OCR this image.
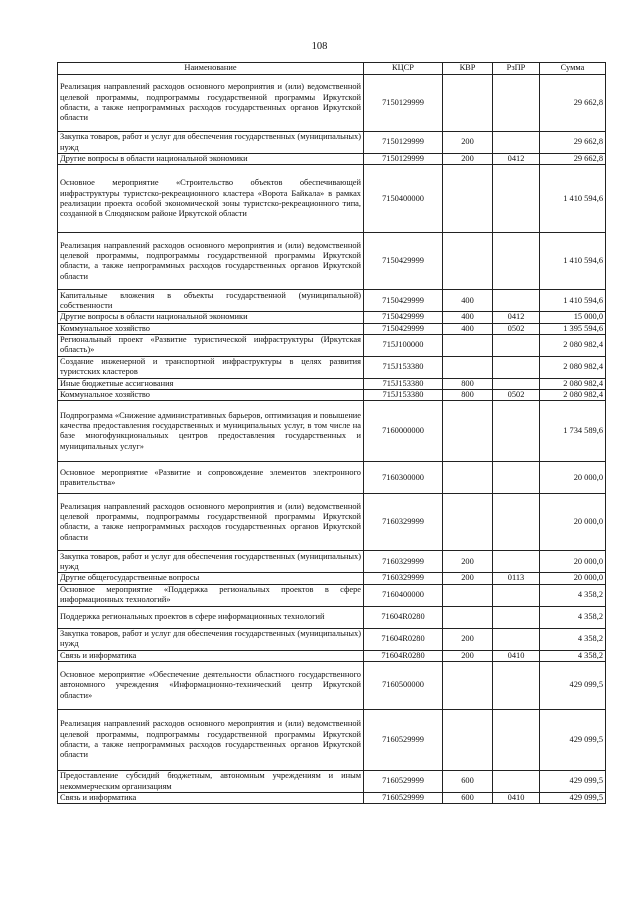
108
Наименование	КЦСР	КВР	РзПР	Сумма
Реализация направлений расходов основного мероприятия и (или) ведомственной целевой программы, подпрограммы государственной программы Иркутской области, а также непрограммных расходов государственных органов Иркутской области	7150129999			29 662,8
Закупка товаров, работ и услуг для обеспечения государственных (муниципальных) нужд	7150129999	200		29 662,8
Другие вопросы в области национальной экономики	7150129999	200	0412	29 662,8
Основное мероприятие «Строительство объектов обеспечивающей инфраструктуры туристско-рекреационного кластера «Ворота Байкала» в рамках реализации проекта особой экономической зоны туристско-рекреационного типа, созданной в Слюдянском районе Иркутской области	7150400000			1 410 594,6
Реализация направлений расходов основного мероприятия и (или) ведомственной целевой программы, подпрограммы государственной программы Иркутской области, а также непрограммных расходов государственных органов Иркутской области	7150429999			1 410 594,6
Капитальные вложения в объекты государственной (муниципальной) собственности	7150429999	400		1 410 594,6
Другие вопросы в области национальной экономики	7150429999	400	0412	15 000,0
Коммунальное хозяйство	7150429999	400	0502	1 395 594,6
Региональный проект «Развитие туристической инфраструктуры (Иркутская область)»	715J100000			2 080 982,4
Создание инженерной и транспортной инфраструктуры в целях развития туристских кластеров	715J153380			2 080 982,4
Иные бюджетные ассигнования	715J153380	800		2 080 982,4
Коммунальное хозяйство	715J153380	800	0502	2 080 982,4
Подпрограмма «Снижение административных барьеров, оптимизация и повышение качества предоставления государственных и муниципальных услуг, в том числе на базе многофункциональных центров предоставления государственных и муниципальных услуг»	7160000000			1 734 589,6
Основное мероприятие «Развитие и сопровождение элементов электронного правительства»	7160300000			20 000,0
Реализация направлений расходов основного мероприятия и (или) ведомственной целевой программы, подпрограммы государственной программы Иркутской области, а также непрограммных расходов государственных органов Иркутской области	7160329999			20 000,0
Закупка товаров, работ и услуг для обеспечения государственных (муниципальных) нужд	7160329999	200		20 000,0
Другие общегосударственные вопросы	7160329999	200	0113	20 000,0
Основное мероприятие «Поддержка региональных проектов в сфере информационных технологий»	7160400000			4 358,2
Поддержка региональных проектов в сфере информационных технологий	71604R0280			4 358,2
Закупка товаров, работ и услуг для обеспечения государственных (муниципальных) нужд	71604R0280	200		4 358,2
Связь и информатика	71604R0280	200	0410	4 358,2
Основное мероприятие «Обеспечение деятельности областного государственного автономного учреждения «Информационно-технический центр Иркутской области»	7160500000			429 099,5
Реализация направлений расходов основного мероприятия и (или) ведомственной целевой программы, подпрограммы государственной программы Иркутской области, а также непрограммных расходов государственных органов Иркутской области	7160529999			429 099,5
Предоставление субсидий бюджетным, автономным учреждениям и иным некоммерческим организациям	7160529999	600		429 099,5
Связь и информатика	7160529999	600	0410	429 099,5
